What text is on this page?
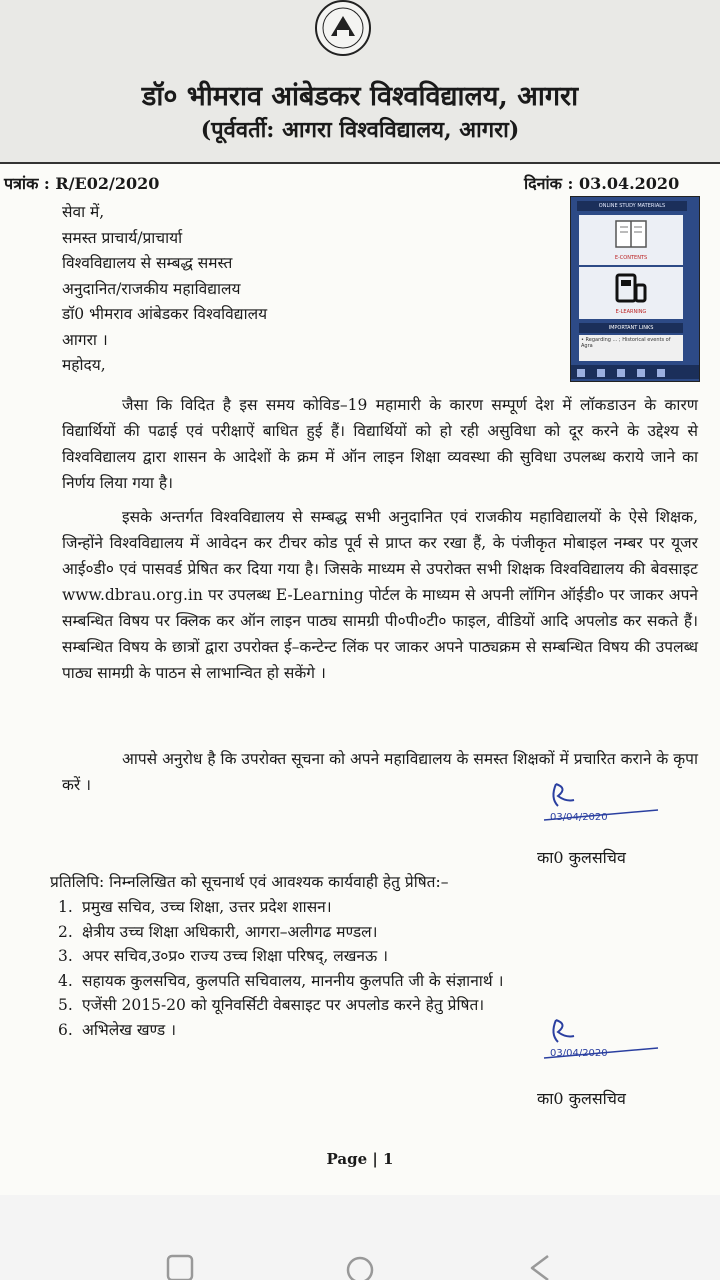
डॉ० भीमराव आंबेडकर विश्वविद्यालय, आगरा
(पूर्ववर्ती: आगरा विश्वविद्यालय, आगरा)
पत्रांक : R/E02/2020	दिनांक : 03.04.2020
सेवा में,
समस्त प्राचार्य/प्राचार्या
विश्वविद्यालय से सम्बद्ध समस्त
अनुदानित/राजकीय महाविद्यालय
डॉ0 भीमराव आंबेडकर विश्वविद्यालय
आगरा ।
महोदय,
ONLINE STUDY MATERIALS
E-CONTENTS
E-LEARNING
IMPORTANT LINKS
• Regarding ... ; Historical events of Agra
जैसा कि विदित है इस समय कोविड–19 महामारी के कारण सम्पूर्ण देश में लॉकडाउन के कारण विद्यार्थियों की पढाई एवं परीक्षाऐं बाधित हुई हैं। विद्यार्थियों को हो रही असुविधा को दूर करने के उद्देश्य से विश्वविद्यालय द्वारा शासन के आदेशों के क्रम में ऑन लाइन शिक्षा व्यवस्था की सुविधा उपलब्ध कराये जाने का निर्णय लिया गया है।
इसके अन्तर्गत विश्वविद्यालय से सम्बद्ध सभी अनुदानित एवं राजकीय महाविद्यालयों के ऐसे शिक्षक, जिन्होंने विश्वविद्यालय में आवेदन कर टीचर कोड पूर्व से प्राप्त कर रखा हैं, के पंजीकृत मोबाइल नम्बर पर यूजर आई०डी० एवं पासवर्ड प्रेषित कर दिया गया है। जिसके माध्यम से उपरोक्त सभी शिक्षक विश्वविद्यालय की बेवसाइट www.dbrau.org.in पर उपलब्ध E-Learning पोर्टल के माध्यम से अपनी लॉगिन ऑईडी० पर जाकर अपने सम्बन्धित विषय पर क्लिक कर ऑन लाइन पाठ्य सामग्री पी०पी०टी० फाइल, वीडियों आदि अपलोड कर सकते हैं। सम्बन्धित विषय के छात्रों द्वारा उपरोक्त ई–कन्टेन्ट लिंक पर जाकर अपने पाठ्यक्रम से सम्बन्धित विषय की उपलब्ध पाठ्य सामग्री के पाठन से लाभान्वित हो सकेंगे ।
आपसे अनुरोध है कि उपरोक्त सूचना को अपने महाविद्यालय के समस्त शिक्षकों में प्रचारित कराने के कृपा करें ।
03/04/2020
का0 कुलसचिव
प्रतिलिपि: निम्नलिखित को सूचनार्थ एवं आवश्यक कार्यवाही हेतु प्रेषित:–
1. प्रमुख सचिव, उच्च शिक्षा, उत्तर प्रदेश शासन।
2. क्षेत्रीय उच्च शिक्षा अधिकारी, आगरा–अलीगढ मण्डल।
3. अपर सचिव,उ०प्र० राज्य उच्च शिक्षा परिषद्, लखनऊ ।
4. सहायक कुलसचिव, कुलपति सचिवालय, माननीय कुलपति जी के संज्ञानार्थ ।
5. एजेंसी 2015-20 को यूनिवर्सिटी वेबसाइट पर अपलोड करने हेतु प्रेषित।
6. अभिलेख खण्ड ।
03/04/2020
का0 कुलसचिव
Page | 1
